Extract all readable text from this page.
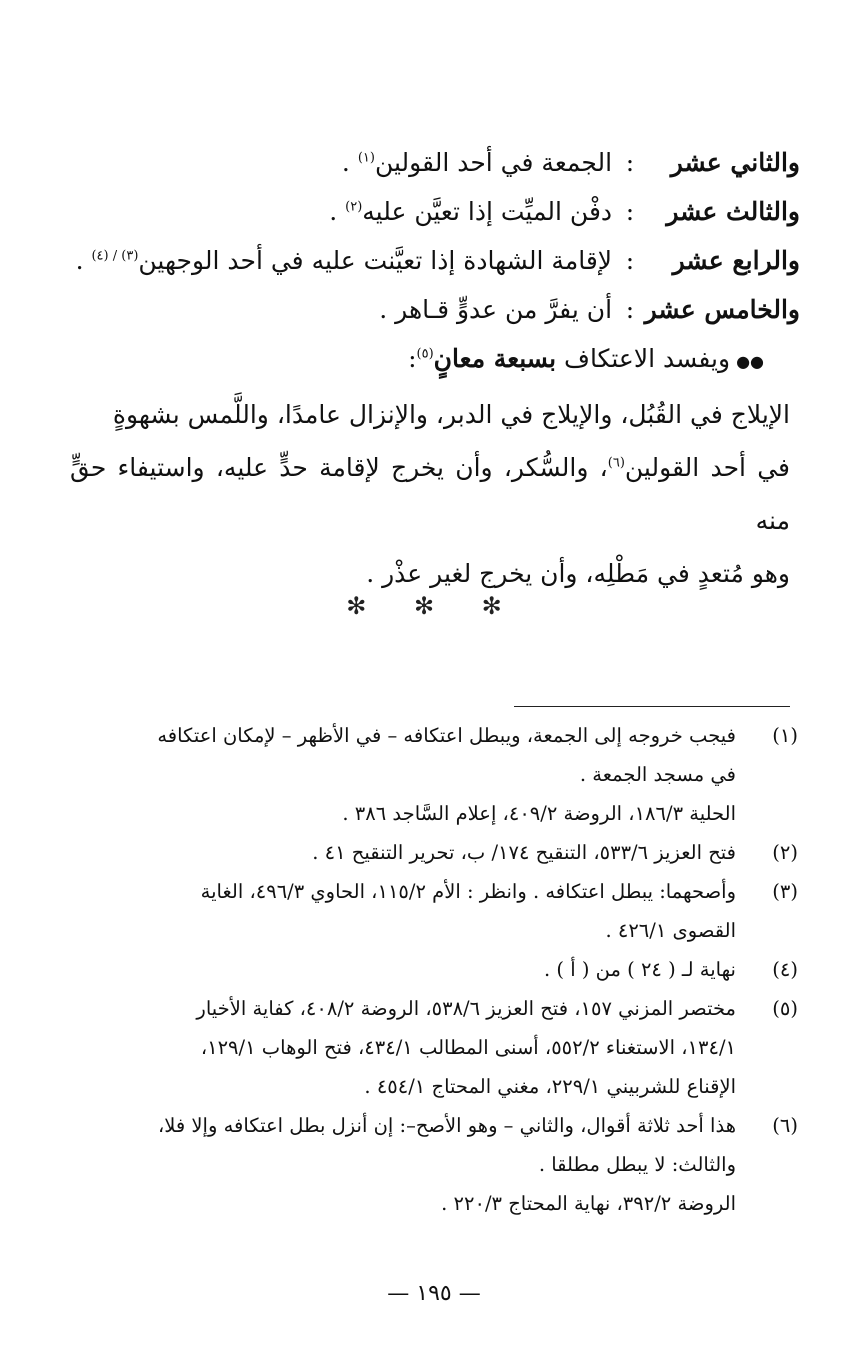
والثاني عشر: الجمعة في أحد القولين$^{(١)}$ .
والثالث عشر: دفْن الميِّت إذا تعيَّن عليه$^{(٢)}$ .
والرابع عشر: لإقامة الشهادة إذا تعيَّنت عليه في أحد الوجهين$^{(٣) / (٤)}$ .
والخامس عشر: أن يفرَّ من عدوٍّ قـاهر .
●●ويفسد الاعتكاف بسبعة معانٍ$^{(٥)}$:
الإيلاج في القُبُل، والإيلاج في الدبر، والإنزال عامدًا، واللَّمس بشهوةٍ
في أحد القولين$^{(٦)}$، والسُّكر، وأن يخرج لإقامة حدٍّ عليه، واستيفاء حقٍّ منه
وهو مُتعدٍ في مَطْلِه، وأن يخرج لغير عذْر .
✻ ✻ ✻
(١)
فيجب خروجه إلى الجمعة، ويبطل اعتكافه – في الأظهر – لإمكان اعتكافه
في مسجد الجمعة .
الحلية ١٨٦/٣، الروضة ٤٠٩/٢، إعلام السَّاجد ٣٨٦ .
(٢)
فتح العزيز ٥٣٣/٦، التنقيح ١٧٤/ ب، تحرير التنقيح ٤١ .
(٣)
وأصحهما: يبطل اعتكافه . وانظر : الأم ١١٥/٢، الحاوي ٤٩٦/٣، الغاية
القصوى ٤٢٦/١ .
(٤)
نهاية لـ ( ٢٤ ) من ( أ ) .
(٥)
مختصر المزني ١٥٧، فتح العزيز ٥٣٨/٦، الروضة ٤٠٨/٢، كفاية الأخيار
١٣٤/١، الاستغناء ٥٥٢/٢، أسنى المطالب ٤٣٤/١، فتح الوهاب ١٢٩/١،
الإقناع للشربيني ٢٢٩/١، مغني المحتاج ٤٥٤/١ .
(٦)
هذا أحد ثلاثة أقوال، والثاني – وهو الأصح–: إن أنزل بطل اعتكافه وإلا فلا،
والثالث: لا يبطل مطلقا .
الروضة ٣٩٢/٢، نهاية المحتاج ٢٢٠/٣ .
— ١٩٥ —
